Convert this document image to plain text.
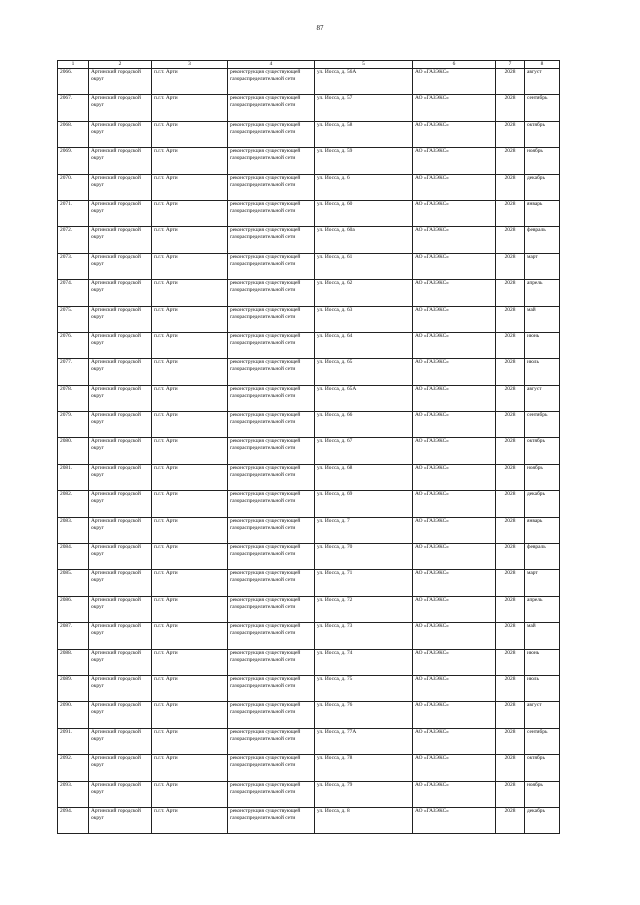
87
1	2	3	4	5	6	7	8
2066.	Артинский городской округ	п.г.т. Арти	реконструкция существующей газораспределительной сети	ул. Иосса, д. 56А	АО «ГАЗЭКС»	2028	август
2067.	Артинский городской округ	п.г.т. Арти	реконструкция существующей газораспределительной сети	ул. Иосса, д. 57	АО «ГАЗЭКС»	2028	сентябрь
2068.	Артинский городской округ	п.г.т. Арти	реконструкция существующей газораспределительной сети	ул. Иосса, д. 58	АО «ГАЗЭКС»	2028	октябрь
2069.	Артинский городской округ	п.г.т. Арти	реконструкция существующей газораспределительной сети	ул. Иосса, д. 59	АО «ГАЗЭКС»	2028	ноябрь
2070.	Артинский городской округ	п.г.т. Арти	реконструкция существующей газораспределительной сети	ул. Иосса, д. 6	АО «ГАЗЭКС»	2028	декабрь
2071.	Артинский городской округ	п.г.т. Арти	реконструкция существующей газораспределительной сети	ул. Иосса, д. 60	АО «ГАЗЭКС»	2028	январь
2072.	Артинский городской округ	п.г.т. Арти	реконструкция существующей газораспределительной сети	ул. Иосса, д. 60а	АО «ГАЗЭКС»	2028	февраль
2073.	Артинский городской округ	п.г.т. Арти	реконструкция существующей газораспределительной сети	ул. Иосса, д. 61	АО «ГАЗЭКС»	2028	март
2074.	Артинский городской округ	п.г.т. Арти	реконструкция существующей газораспределительной сети	ул. Иосса, д. 62	АО «ГАЗЭКС»	2028	апрель
2075.	Артинский городской округ	п.г.т. Арти	реконструкция существующей газораспределительной сети	ул. Иосса, д. 63	АО «ГАЗЭКС»	2028	май
2076.	Артинский городской округ	п.г.т. Арти	реконструкция существующей газораспределительной сети	ул. Иосса, д. 64	АО «ГАЗЭКС»	2028	июнь
2077.	Артинский городской округ	п.г.т. Арти	реконструкция существующей газораспределительной сети	ул. Иосса, д. 65	АО «ГАЗЭКС»	2028	июль
2078.	Артинский городской округ	п.г.т. Арти	реконструкция существующей газораспределительной сети	ул. Иосса, д. 65А	АО «ГАЗЭКС»	2028	август
2079.	Артинский городской округ	п.г.т. Арти	реконструкция существующей газораспределительной сети	ул. Иосса, д. 66	АО «ГАЗЭКС»	2028	сентябрь
2080.	Артинский городской округ	п.г.т. Арти	реконструкция существующей газораспределительной сети	ул. Иосса, д. 67	АО «ГАЗЭКС»	2028	октябрь
2081.	Артинский городской округ	п.г.т. Арти	реконструкция существующей газораспределительной сети	ул. Иосса, д. 68	АО «ГАЗЭКС»	2028	ноябрь
2082.	Артинский городской округ	п.г.т. Арти	реконструкция существующей газораспределительной сети	ул. Иосса, д. 69	АО «ГАЗЭКС»	2028	декабрь
2083.	Артинский городской округ	п.г.т. Арти	реконструкция существующей газораспределительной сети	ул. Иосса, д. 7	АО «ГАЗЭКС»	2028	январь
2084.	Артинский городской округ	п.г.т. Арти	реконструкция существующей газораспределительной сети	ул. Иосса, д. 70	АО «ГАЗЭКС»	2028	февраль
2085.	Артинский городской округ	п.г.т. Арти	реконструкция существующей газораспределительной сети	ул. Иосса, д. 71	АО «ГАЗЭКС»	2028	март
2086.	Артинский городской округ	п.г.т. Арти	реконструкция существующей газораспределительной сети	ул. Иосса, д. 72	АО «ГАЗЭКС»	2028	апрель
2087.	Артинский городской округ	п.г.т. Арти	реконструкция существующей газораспределительной сети	ул. Иосса, д. 73	АО «ГАЗЭКС»	2028	май
2088.	Артинский городской округ	п.г.т. Арти	реконструкция существующей газораспределительной сети	ул. Иосса, д. 74	АО «ГАЗЭКС»	2028	июнь
2089.	Артинский городской округ	п.г.т. Арти	реконструкция существующей газораспределительной сети	ул. Иосса, д. 75	АО «ГАЗЭКС»	2028	июль
2090.	Артинский городской округ	п.г.т. Арти	реконструкция существующей газораспределительной сети	ул. Иосса, д. 76	АО «ГАЗЭКС»	2028	август
2091.	Артинский городской округ	п.г.т. Арти	реконструкция существующей газораспределительной сети	ул. Иосса, д. 77А	АО «ГАЗЭКС»	2028	сентябрь
2092.	Артинский городской округ	п.г.т. Арти	реконструкция существующей газораспределительной сети	ул. Иосса, д. 78	АО «ГАЗЭКС»	2028	октябрь
2093.	Артинский городской округ	п.г.т. Арти	реконструкция существующей газораспределительной сети	ул. Иосса, д. 79	АО «ГАЗЭКС»	2028	ноябрь
2094.	Артинский городской округ	п.г.т. Арти	реконструкция существующей газораспределительной сети	ул. Иосса, д. 8	АО «ГАЗЭКС»	2028	декабрь
